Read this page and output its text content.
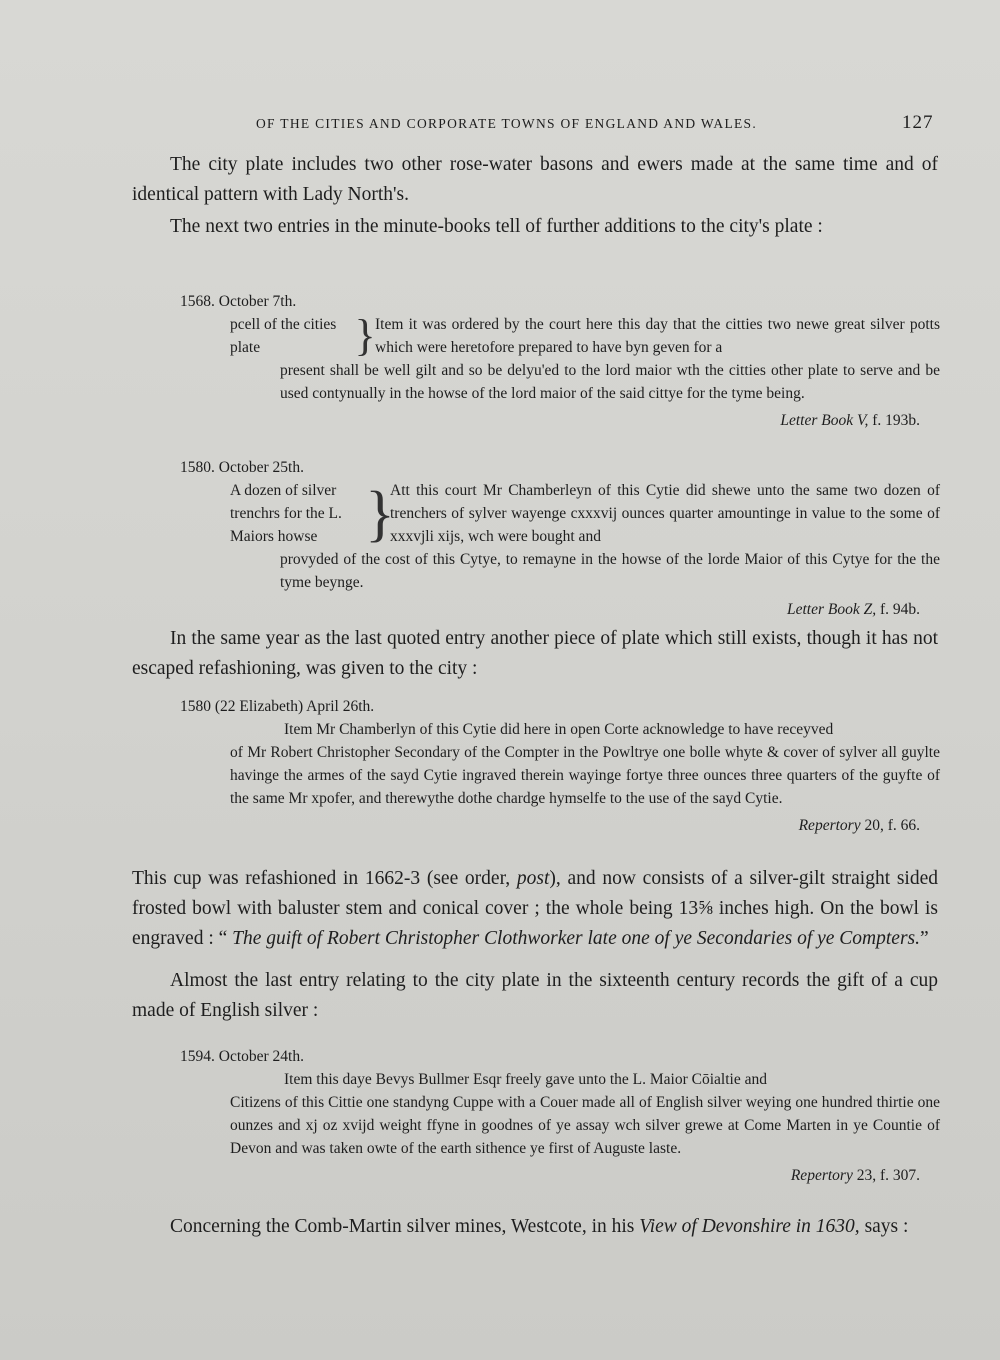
OF THE CITIES AND CORPORATE TOWNS OF ENGLAND AND WALES.	127

The city plate includes two other rose-water basons and ewers made at the same time and of identical pattern with Lady North's.

The next two entries in the minute-books tell of further additions to the city's plate :

1568. October 7th.

pcell of the cities plate	} Item it was ordered by the court here this day that the citties two newe great silver potts which were heretofore prepared to have byn geven for a
present shall be well gilt and so be delyu'ed to the lord maior wth the citties other plate to serve and be used contynually in the howse of the lord maior of the said cittye for the tyme being.
Letter Book V, f. 193b.

1580. October 25th.

A dozen of silver trenchrs for the L. Maiors howse }
Att this court Mr Chamberleyn of this Cytie did shewe unto the same two dozen of trenchers of sylver wayenge cxxxvij ounces quarter amountinge in value to the some of xxxvjli xijs, wch were bought and
provyded of the cost of this Cytye, to remayne in the howse of the lorde Maior of this Cytye for the the tyme beynge.
Letter Book Z, f. 94b.

In the same year as the last quoted entry another piece of plate which still exists, though it has not escaped refashioning, was given to the city :

1580 (22 Elizabeth) April 26th.

Item Mr Chamberlyn of this Cytie did here in open Corte acknowledge to have receyved
of Mr Robert Christopher Secondary of the Compter in the Powltrye one bolle whyte & cover of sylver all guylte havinge the armes of the sayd Cytie ingraved therein wayinge fortye three ounces three quarters of the guyfte of the same Mr xpofer, and therewythe dothe chardge hymselfe to the use of the sayd Cytie.
Repertory 20, f. 66.

This cup was refashioned in 1662-3 (see order, post), and now consists of a silver-gilt straight sided frosted bowl with baluster stem and conical cover ; the whole being 13⅝ inches high. On the bowl is engraved : “ The guift of Robert Christopher Clothworker late one of ye Secondaries of ye Compters.”

Almost the last entry relating to the city plate in the sixteenth century records the gift of a cup made of English silver :

1594. October 24th.

Item this daye Bevys Bullmer Esqr freely gave unto the L. Maior Cōialtie and
Citizens of this Cittie one standyng Cuppe with a Couer made all of English silver weying one hundred thirtie one ounzes and xj oz xvijd weight ffyne in goodnes of ye assay wch silver grewe at Come Marten in ye Countie of Devon and was taken owte of the earth sithence ye first of Auguste laste.
Repertory 23, f. 307.

Concerning the Comb-Martin silver mines, Westcote, in his View of Devonshire in 1630, says :
